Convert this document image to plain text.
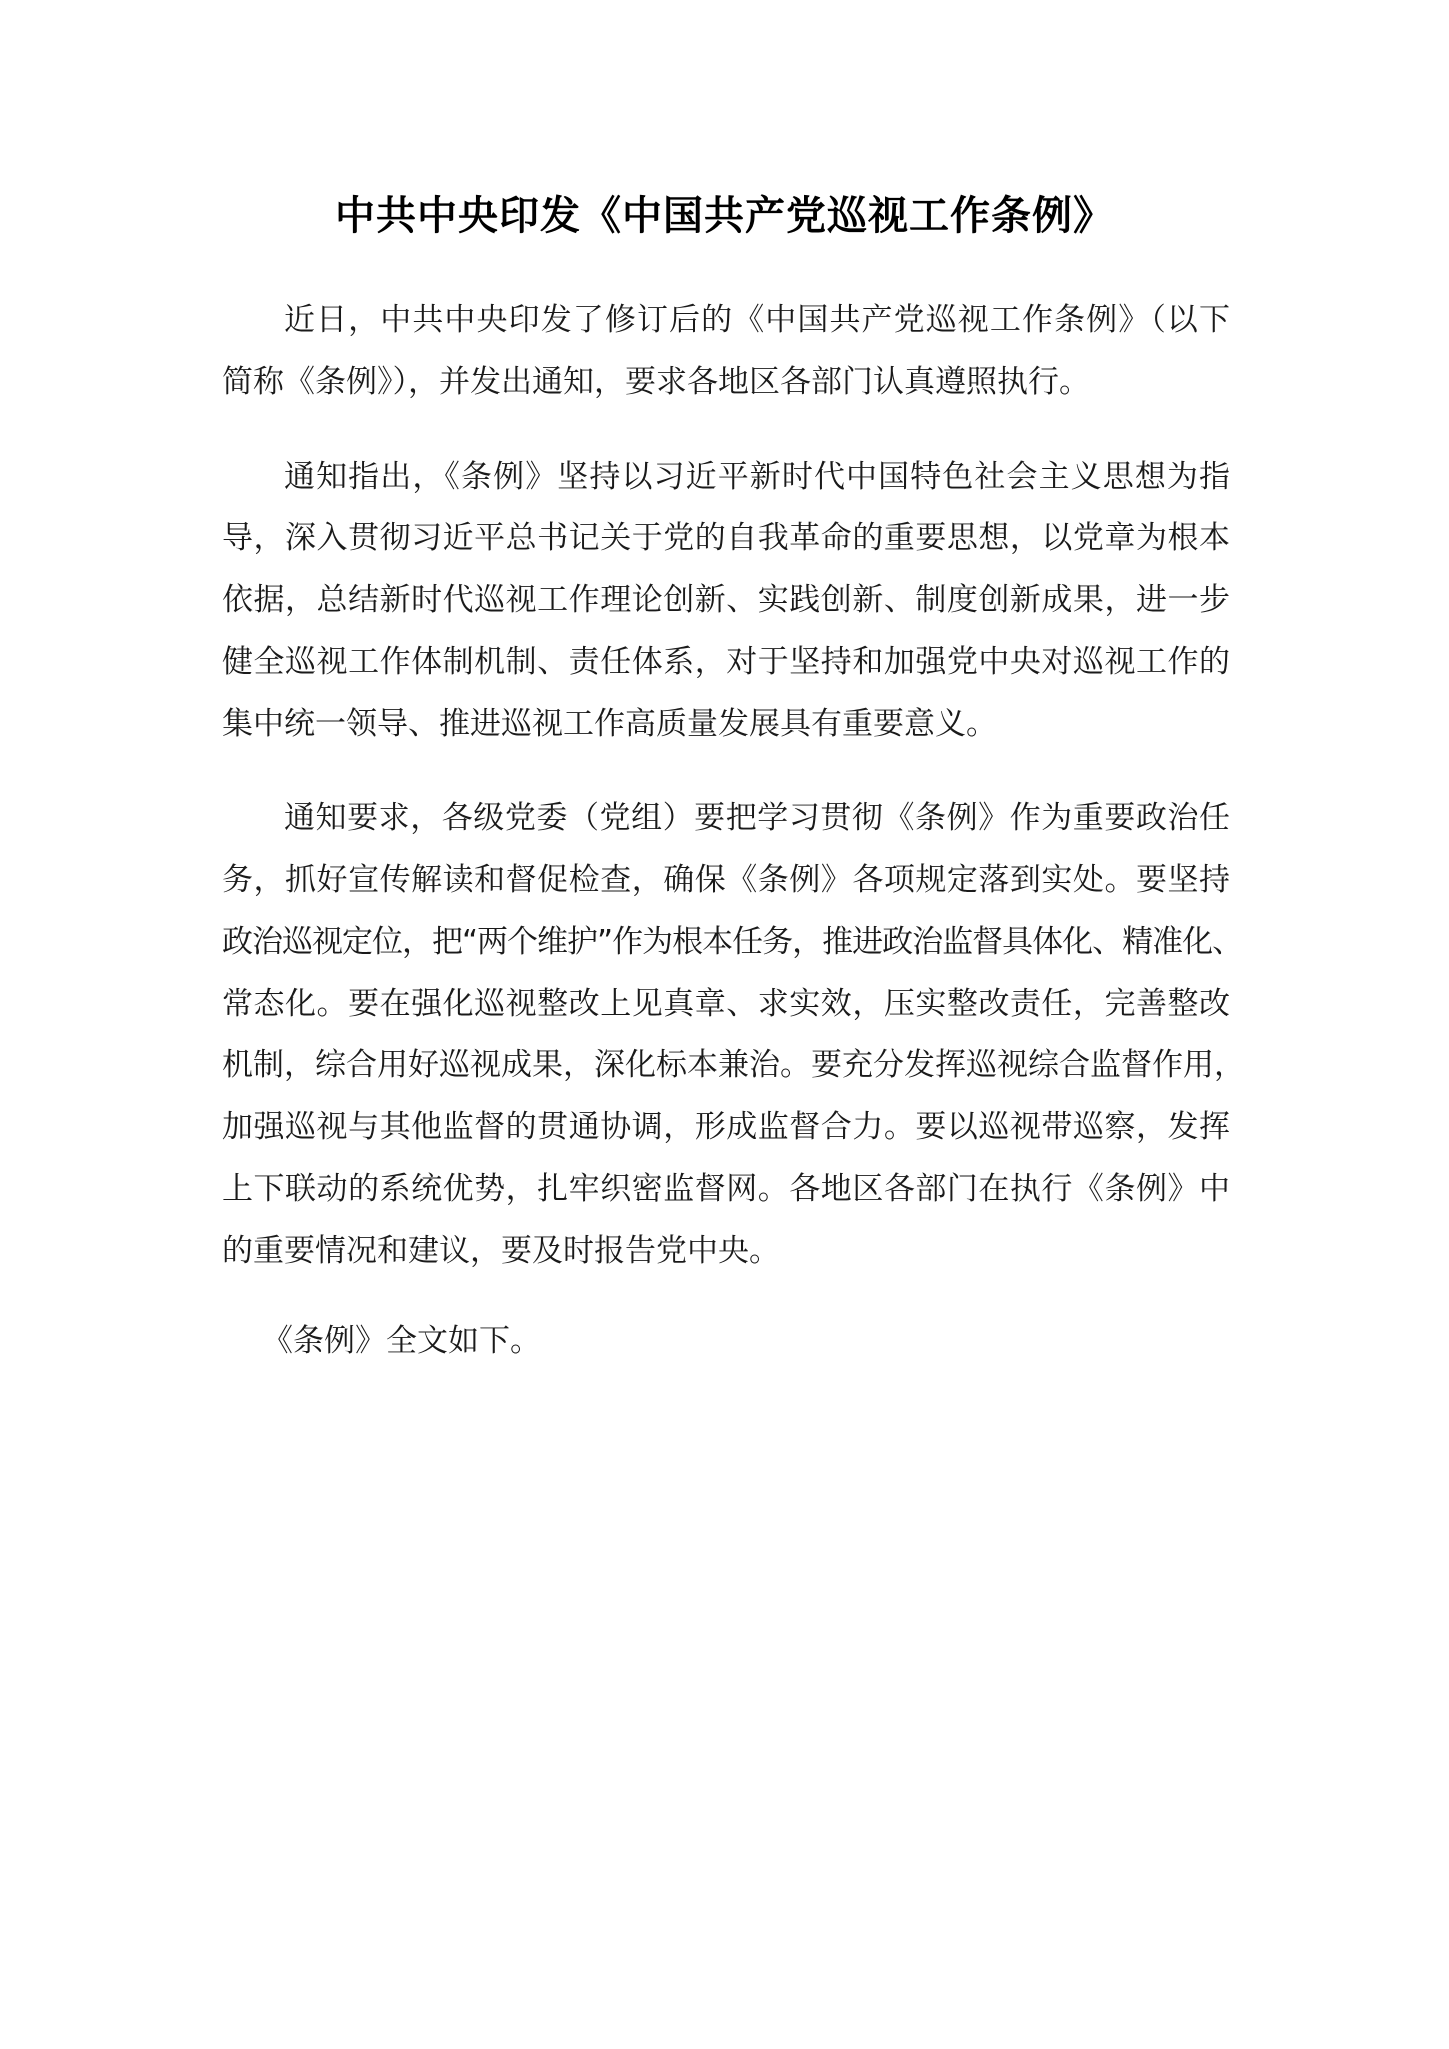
中共中央印发《中国共产党巡视工作条例》
近日，中共中央印发了修订后的《中国共产党巡视工作条例》（以下
简称《条例》），并发出通知，要求各地区各部门认真遵照执行。
通知指出，《条例》坚持以习近平新时代中国特色社会主义思想为指
导，深入贯彻习近平总书记关于党的自我革命的重要思想，以党章为根本
依据，总结新时代巡视工作理论创新、实践创新、制度创新成果，进一步
健全巡视工作体制机制、责任体系，对于坚持和加强党中央对巡视工作的
集中统一领导、推进巡视工作高质量发展具有重要意义。
通知要求，各级党委（党组）要把学习贯彻《条例》作为重要政治任
务，抓好宣传解读和督促检查，确保《条例》各项规定落到实处。要坚持
政治巡视定位，把“两个维护”作为根本任务，推进政治监督具体化、精准化、
常态化。要在强化巡视整改上见真章、求实效，压实整改责任，完善整改
机制，综合用好巡视成果，深化标本兼治。要充分发挥巡视综合监督作用，
加强巡视与其他监督的贯通协调，形成监督合力。要以巡视带巡察，发挥
上下联动的系统优势，扎牢织密监督网。各地区各部门在执行《条例》中
的重要情况和建议，要及时报告党中央。
《条例》全文如下。
